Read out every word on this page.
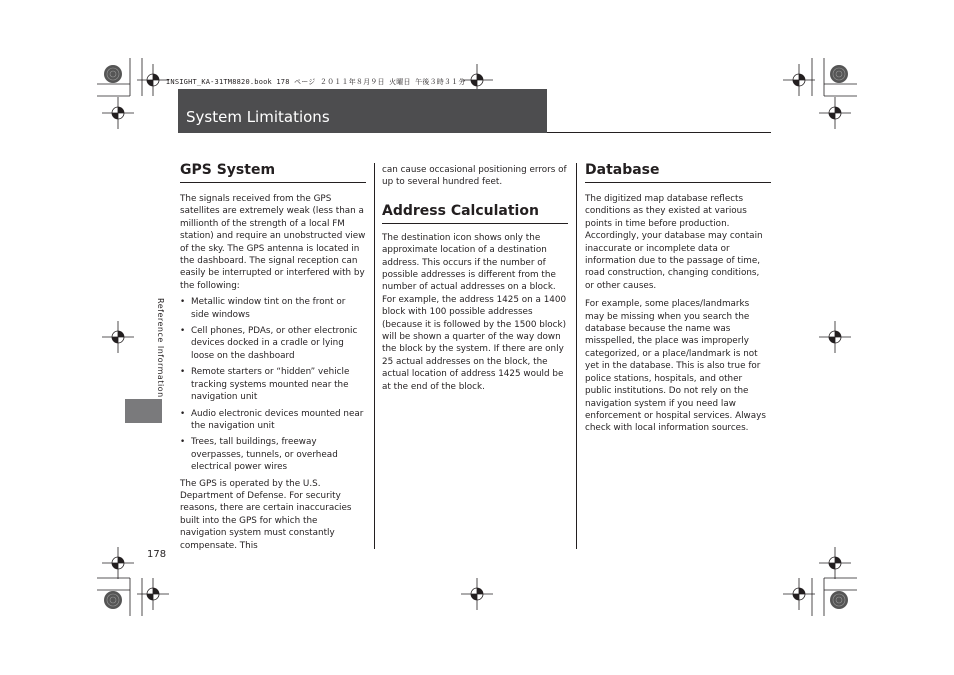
INSIGHT_KA-31TM8820.book 178 ページ ２０１１年８月９日 火曜日 午後３時３１分
System Limitations
Reference Information
178
GPS System

The signals received from the GPS satellites are extremely weak (less than a millionth of the strength of a local FM station) and require an unobstructed view of the sky. The GPS antenna is located in the dashboard. The signal reception can easily be interrupted or interfered with by the following:

• Metallic window tint on the front or side windows
• Cell phones, PDAs, or other electronic devices docked in a cradle or lying loose on the dashboard
• Remote starters or “hidden” vehicle tracking systems mounted near the navigation unit
• Audio electronic devices mounted near the navigation unit
• Trees, tall buildings, freeway overpasses, tunnels, or overhead electrical power wires

The GPS is operated by the U.S. Department of Defense. For security reasons, there are certain inaccuracies built into the GPS for which the navigation system must constantly compensate. This

can cause occasional positioning errors of up to several hundred feet.

Address Calculation

The destination icon shows only the approximate location of a destination address. This occurs if the number of possible addresses is different from the number of actual addresses on a block. For example, the address 1425 on a 1400 block with 100 possible addresses (because it is followed by the 1500 block) will be shown a quarter of the way down the block by the system. If there are only 25 actual addresses on the block, the actual location of address 1425 would be at the end of the block.

Database

The digitized map database reflects conditions as they existed at various points in time before production. Accordingly, your database may contain inaccurate or incomplete data or information due to the passage of time, road construction, changing conditions, or other causes.

For example, some places/landmarks may be missing when you search the database because the name was misspelled, the place was improperly categorized, or a place/landmark is not yet in the database. This is also true for police stations, hospitals, and other public institutions. Do not rely on the navigation system if you need law enforcement or hospital services. Always check with local information sources.
